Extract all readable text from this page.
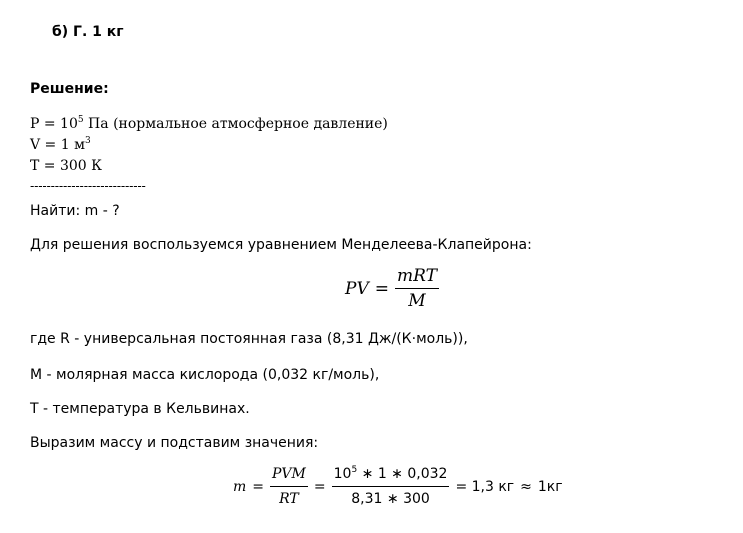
б) Г. 1 кг
Решение:
$P = 10^5$ Па (нормальное атмосферное давление)
V = 1 $м^3$
T = 300 К
----------------------------
Найти: m - ?
Для решения воспользуемся уравнением Менделеева-Клапейрона:
PV = $\frac{\text{mRT}}{M}$
где R - универсальная постоянная газа (8,31 Дж/(К·моль)),
M - молярная масса кислорода (0,032 кг/моль),
T - температура в Кельвинах.
Выразим массу и подставим значения:
$m = \frac{\text{PVM}}{RT} = \frac{10^5 ∗ 1 ∗ 0,032}{8,31 ∗ 300} = 1,3$ кг ≈ 1кг
